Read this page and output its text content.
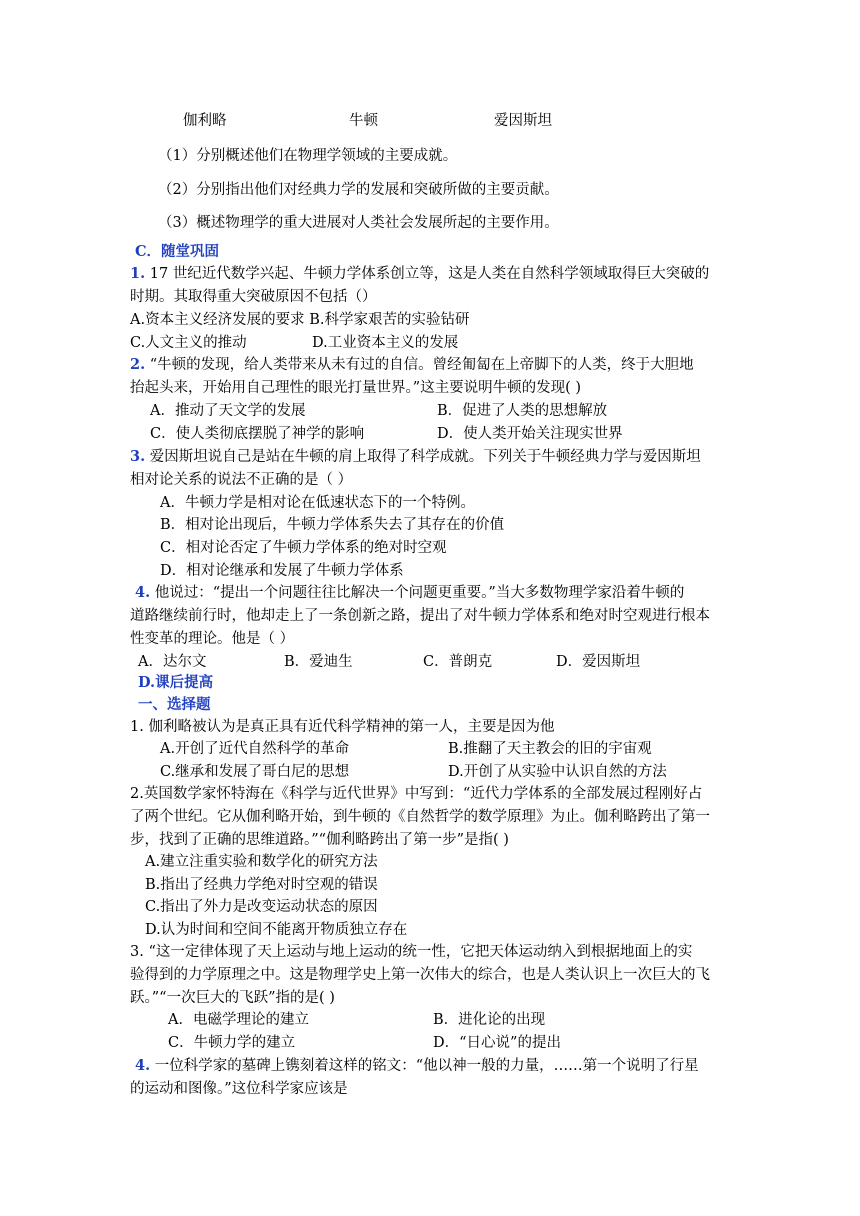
伽利略	牛顿	爱因斯坦
（1）分别概述他们在物理学领域的主要成就。
（2）分别指出他们对经典力学的发展和突破所做的主要贡献。
（3）概述物理学的重大进展对人类社会发展所起的主要作用。
C．随堂巩固
1. 17 世纪近代数学兴起、牛顿力学体系创立等，这是人类在自然科学领域取得巨大突破的
时期。其取得重大突破原因不包括（）
A.资本主义经济发展的要求 B.科学家艰苦的实验钻研
C.人文主义的推动	D.工业资本主义的发展
2. “牛顿的发现，给人类带来从未有过的自信。曾经匍匐在上帝脚下的人类，终于大胆地
抬起头来，开始用自己理性的眼光打量世界。”这主要说明牛顿的发现( )
A．推动了天文学的发展	B．促进了人类的思想解放
C．使人类彻底摆脱了神学的影响	D．使人类开始关注现实世界
3. 爱因斯坦说自己是站在牛顿的肩上取得了科学成就。下列关于牛顿经典力学与爱因斯坦
相对论关系的说法不正确的是（ ）
A．牛顿力学是相对论在低速状态下的一个特例。
B．相对论出现后，牛顿力学体系失去了其存在的价值
C．相对论否定了牛顿力学体系的绝对时空观
D．相对论继承和发展了牛顿力学体系
4. 他说过：“提出一个问题往往比解决一个问题更重要。”当大多数物理学家沿着牛顿的
道路继续前行时，他却走上了一条创新之路，提出了对牛顿力学体系和绝对时空观进行根本
性变革的理论。他是（ ）
A．达尔文	B．爱迪生	C．普朗克	D．爱因斯坦
D.课后提高
一、选择题
1. 伽利略被认为是真正具有近代科学精神的第一人，主要是因为他
A.开创了近代自然科学的革命	B.推翻了天主教会的旧的宇宙观
C.继承和发展了哥白尼的思想	D.开创了从实验中认识自然的方法
2.英国数学家怀特海在《科学与近代世界》中写到：“近代力学体系的全部发展过程刚好占
了两个世纪。它从伽利略开始，到牛顿的《自然哲学的数学原理》为止。伽利略跨出了第一
步，找到了正确的思维道路。”“伽利略跨出了第一步”是指( )
A.建立注重实验和数学化的研究方法
B.指出了经典力学绝对时空观的错误
C.指出了外力是改变运动状态的原因
D.认为时间和空间不能离开物质独立存在
3. “这一定律体现了天上运动与地上运动的统一性，它把天体运动纳入到根据地面上的实
验得到的力学原理之中。这是物理学史上第一次伟大的综合，也是人类认识上一次巨大的飞
跃。”“一次巨大的飞跃”指的是( )
A．电磁学理论的建立	B．进化论的出现
C．牛顿力学的建立	D．“日心说”的提出
4. 一位科学家的墓碑上镌刻着这样的铭文：“他以神一般的力量，……第一个说明了行星
的运动和图像。”这位科学家应该是
